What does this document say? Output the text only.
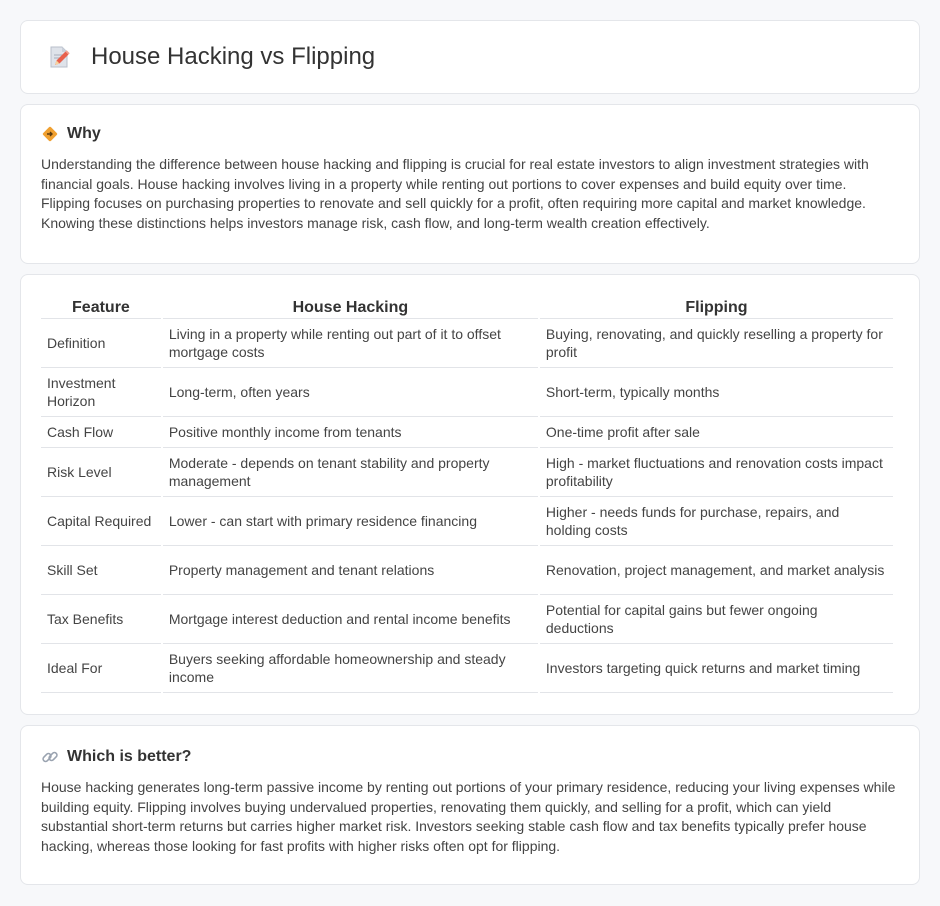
House Hacking vs Flipping
Why

Understanding the difference between house hacking and flipping is crucial for real estate investors to align investment strategies with financial goals. House hacking involves living in a property while renting out portions to cover expenses and build equity over time. Flipping focuses on purchasing properties to renovate and sell quickly for a profit, often requiring more capital and market knowledge. Knowing these distinctions helps investors manage risk, cash flow, and long-term wealth creation effectively.

Feature	House Hacking	Flipping
Definition	Living in a property while renting out part of it to offset mortgage costs	Buying, renovating, and quickly reselling a property for profit
Investment Horizon	Long-term, often years	Short-term, typically months
Cash Flow	Positive monthly income from tenants	One-time profit after sale
Risk Level	Moderate - depends on tenant stability and property management	High - market fluctuations and renovation costs impact profitability
Capital Required	Lower - can start with primary residence financing	Higher - needs funds for purchase, repairs, and holding costs
Skill Set	Property management and tenant relations	Renovation, project management, and market analysis
Tax Benefits	Mortgage interest deduction and rental income benefits	Potential for capital gains but fewer ongoing deductions
Ideal For	Buyers seeking affordable homeownership and steady income	Investors targeting quick returns and market timing
Which is better?

House hacking generates long-term passive income by renting out portions of your primary residence, reducing your living expenses while building equity. Flipping involves buying undervalued properties, renovating them quickly, and selling for a profit, which can yield substantial short-term returns but carries higher market risk. Investors seeking stable cash flow and tax benefits typically prefer house hacking, whereas those looking for fast profits with higher risks often opt for flipping.
